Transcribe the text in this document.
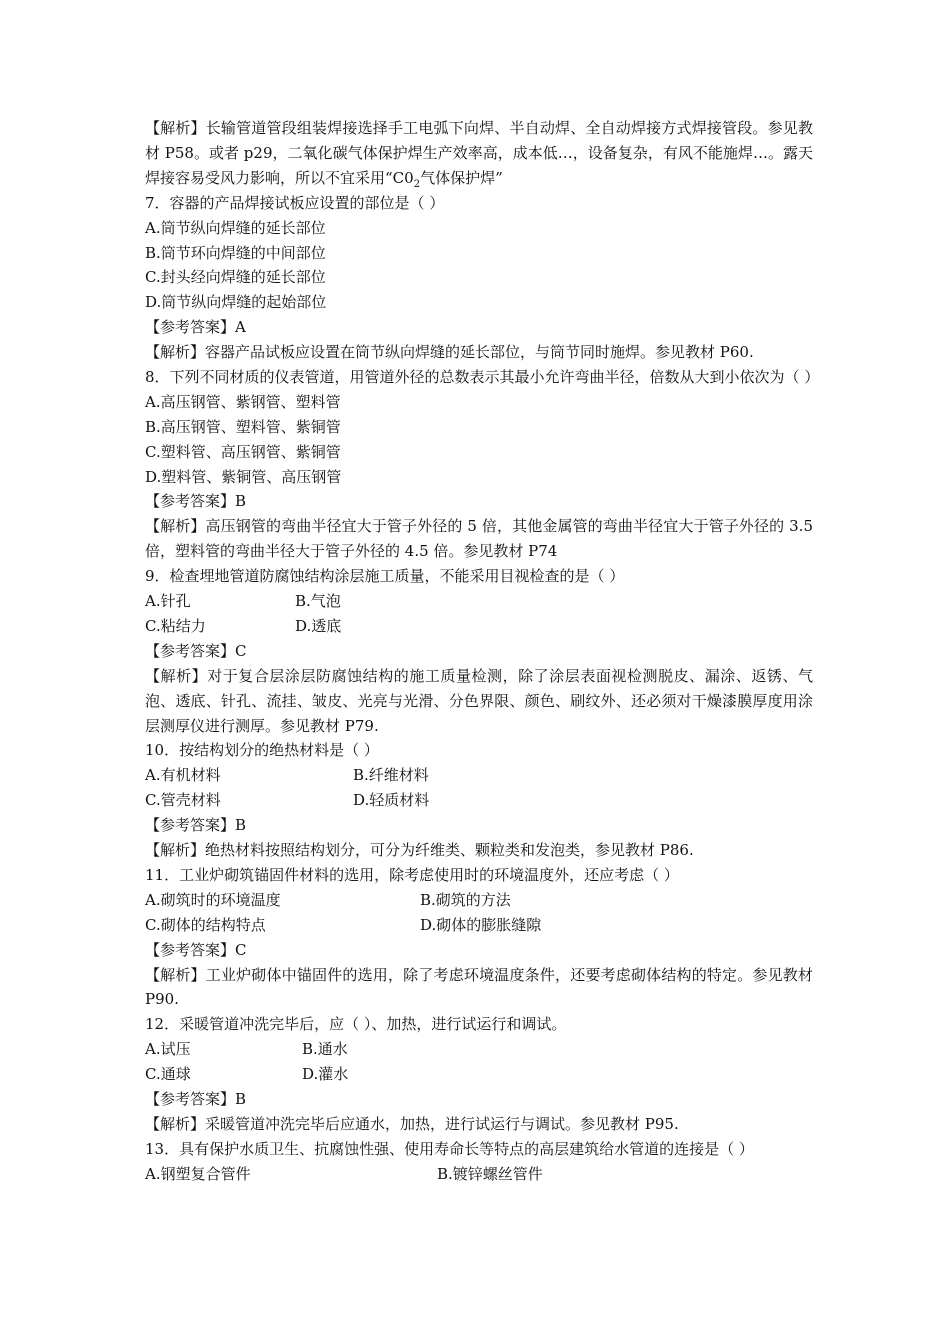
【解析】长输管道管段组装焊接选择手工电弧下向焊、半自动焊、全自动焊接方式焊接管段。参见教材 P58。或者 p29，二氧化碳气体保护焊生产效率高，成本低…，设备复杂，有风不能施焊…。露天焊接容易受风力影响，所以不宜采用“$C0_2$气体保护焊”
7．容器的产品焊接试板应设置的部位是（ ）
A.筒节纵向焊缝的延长部位
B.筒节环向焊缝的中间部位
C.封头经向焊缝的延长部位
D.筒节纵向焊缝的起始部位
【参考答案】A
【解析】容器产品试板应设置在筒节纵向焊缝的延长部位，与筒节同时施焊。参见教材 P60.
8．下列不同材质的仪表管道，用管道外径的总数表示其最小允许弯曲半径，倍数从大到小依次为（ ）
A.高压钢管、紫钢管、塑料管
B.高压钢管、塑料管、紫铜管
C.塑料管、高压钢管、紫铜管
D.塑料管、紫铜管、高压钢管
【参考答案】B
【解析】高压钢管的弯曲半径宜大于管子外径的 5 倍，其他金属管的弯曲半径宜大于管子外径的 3.5 倍，塑料管的弯曲半径大于管子外径的 4.5 倍。参见教材 P74
9．检查埋地管道防腐蚀结构涂层施工质量，不能采用目视检查的是（ ）
A.针孔	B.气泡
C.粘结力	D.透底
【参考答案】C
【解析】对于复合层涂层防腐蚀结构的施工质量检测，除了涂层表面视检测脱皮、漏涂、返锈、气泡、透底、针孔、流挂、皱皮、光亮与光滑、分色界限、颜色、刷纹外、还必须对干燥漆膜厚度用涂层测厚仪进行测厚。参见教材 P79.
10．按结构划分的绝热材料是（ ）
A.有机材料	B.纤维材料
C.管壳材料	D.轻质材料
【参考答案】B
【解析】绝热材料按照结构划分，可分为纤维类、颗粒类和发泡类，参见教材 P86.
11．工业炉砌筑锚固件材料的选用，除考虑使用时的环境温度外，还应考虑（ ）
A.砌筑时的环境温度	B.砌筑的方法
C.砌体的结构特点	D.砌体的膨胀缝隙
【参考答案】C
【解析】工业炉砌体中锚固件的选用，除了考虑环境温度条件，还要考虑砌体结构的特定。参见教材 P90.
12．采暖管道冲洗完毕后，应（ ）、加热，进行试运行和调试。
A.试压	B.通水
C.通球	D.灌水
【参考答案】B
【解析】采暖管道冲洗完毕后应通水，加热，进行试运行与调试。参见教材 P95.
13．具有保护水质卫生、抗腐蚀性强、使用寿命长等特点的高层建筑给水管道的连接是（ ）
A.钢塑复合管件	B.镀锌螺丝管件
